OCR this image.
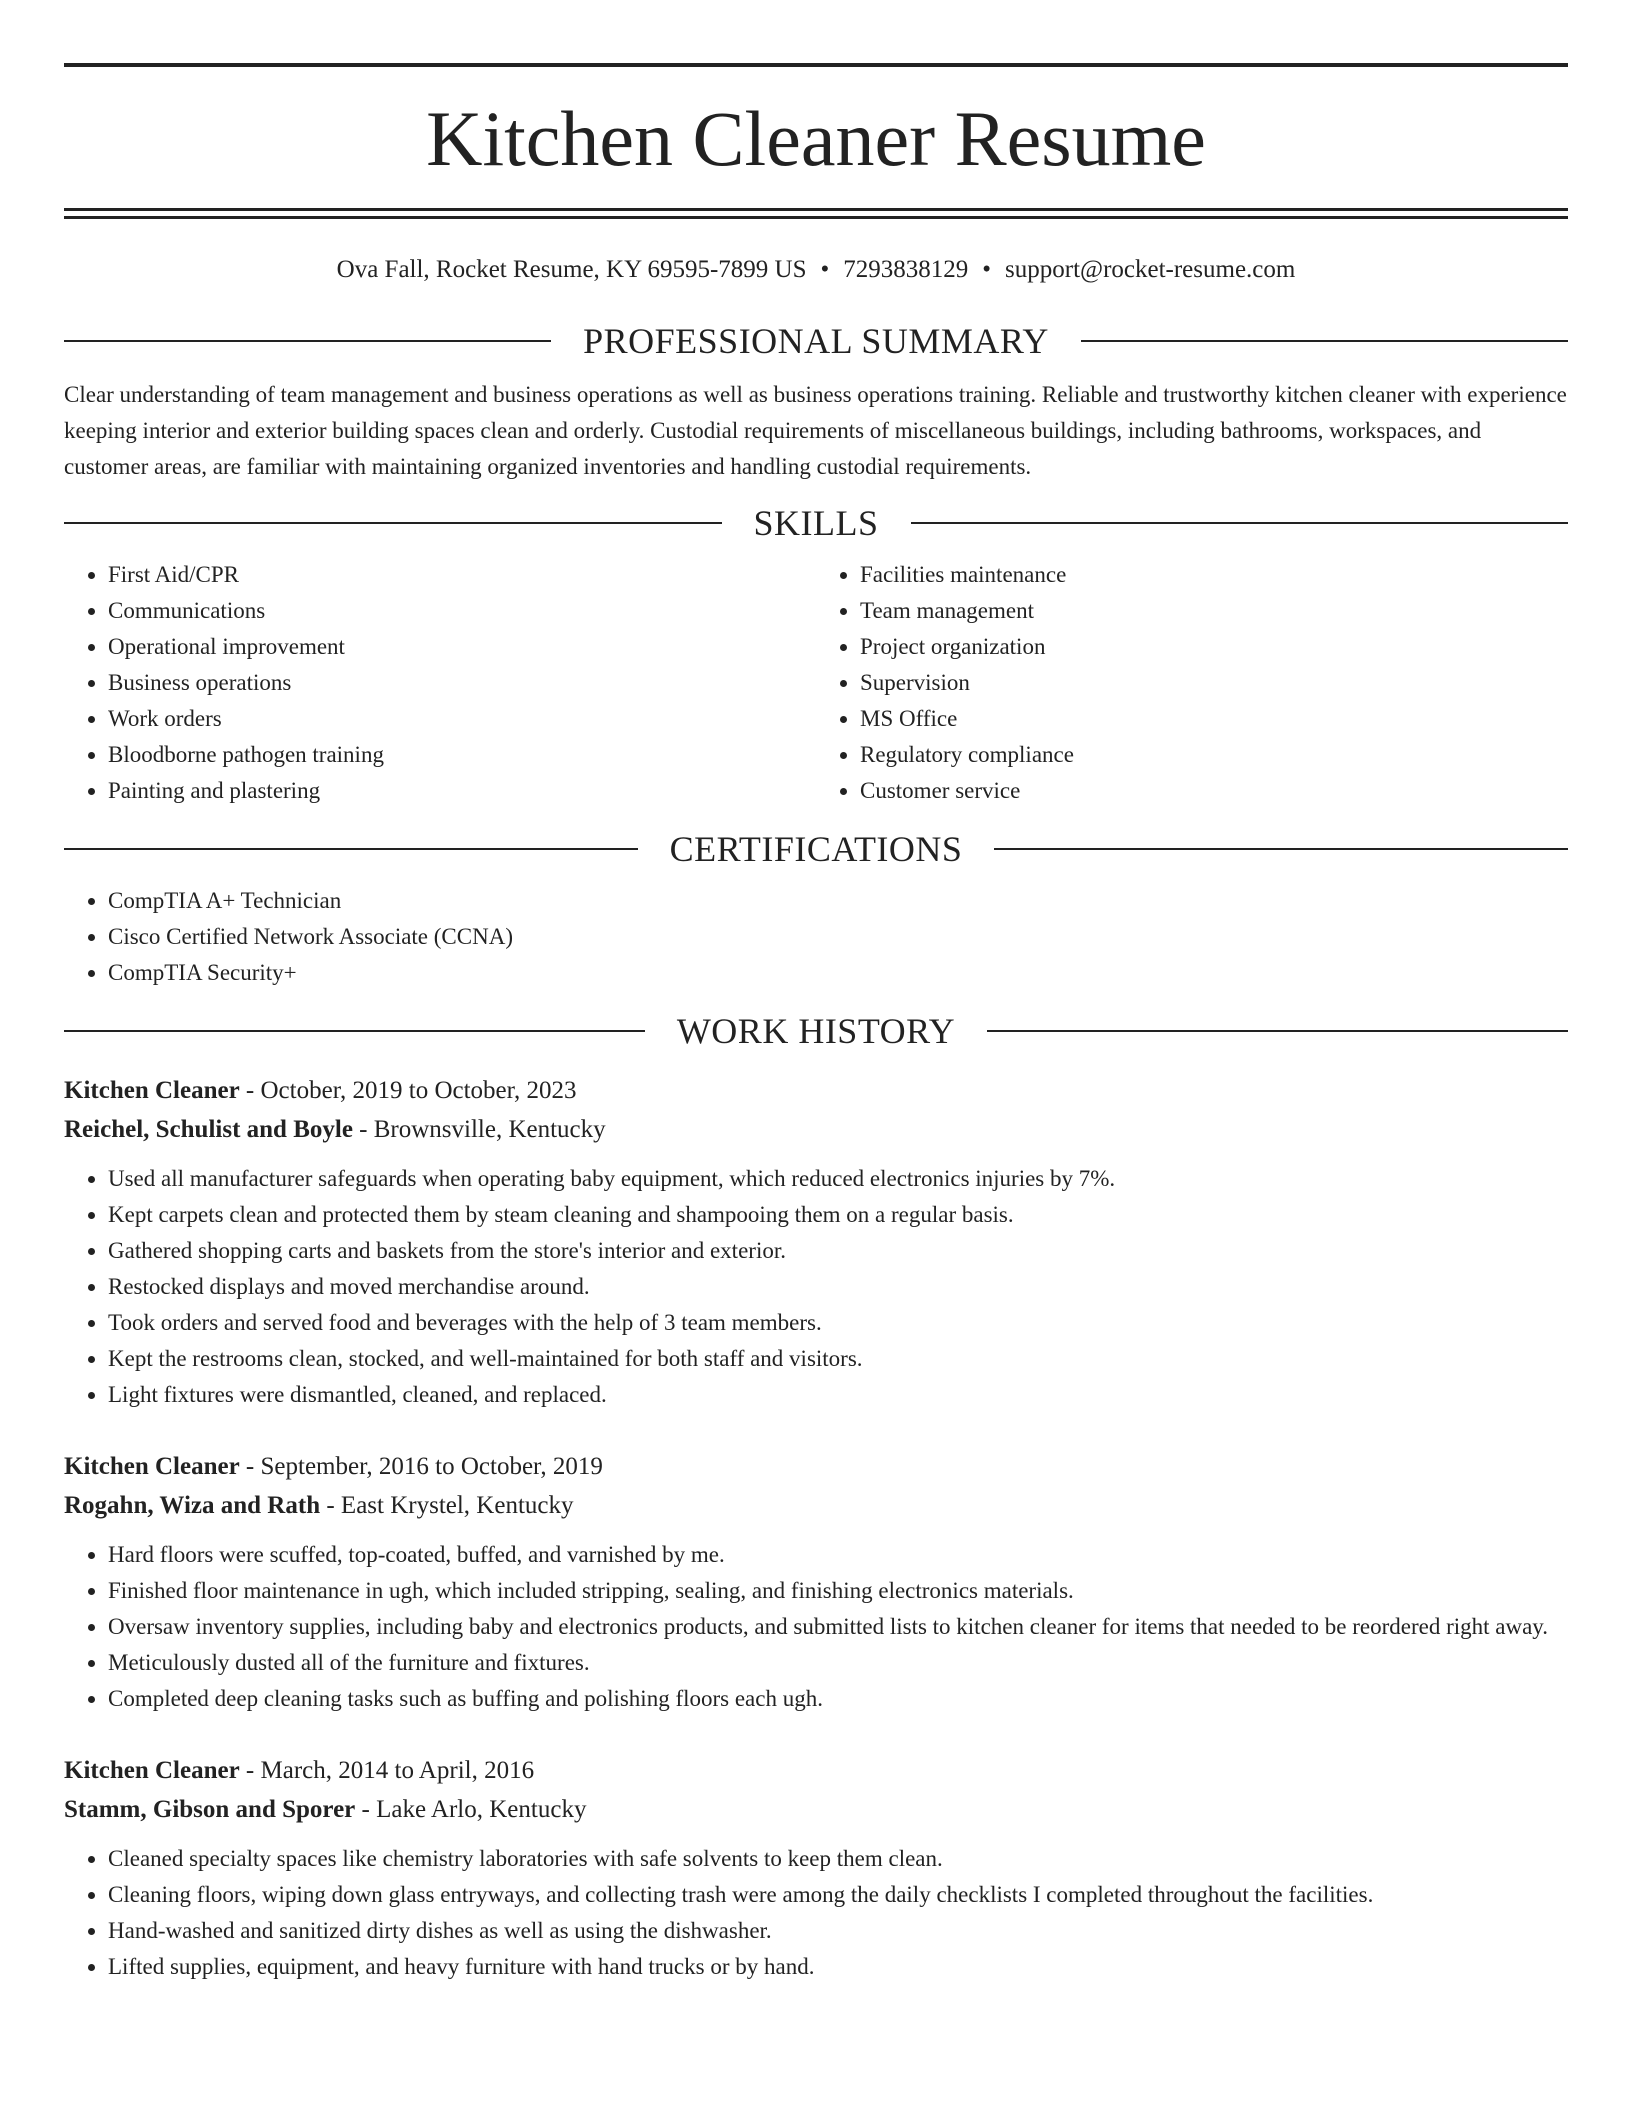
Kitchen Cleaner Resume
Ova Fall, Rocket Resume, KY 69595-7899 US • 7293838129 • support@rocket-resume.com
PROFESSIONAL SUMMARY

Clear understanding of team management and business operations as well as business operations training. Reliable and trustworthy kitchen cleaner with experience keeping interior and exterior building spaces clean and orderly. Custodial requirements of miscellaneous buildings, including bathrooms, workspaces, and customer areas, are familiar with maintaining organized inventories and handling custodial requirements.

SKILLS
• First Aid/CPR
• Communications
• Operational improvement
• Business operations
• Work orders
• Bloodborne pathogen training
• Painting and plastering
• Facilities maintenance
• Team management
• Project organization
• Supervision
• MS Office
• Regulatory compliance
• Customer service
CERTIFICATIONS
• CompTIA A+ Technician
• Cisco Certified Network Associate (CCNA)
• CompTIA Security+
WORK HISTORY
Kitchen Cleaner - October, 2019 to October, 2023
Reichel, Schulist and Boyle - Brownsville, Kentucky
• Used all manufacturer safeguards when operating baby equipment, which reduced electronics injuries by 7%.
• Kept carpets clean and protected them by steam cleaning and shampooing them on a regular basis.
• Gathered shopping carts and baskets from the store's interior and exterior.
• Restocked displays and moved merchandise around.
• Took orders and served food and beverages with the help of 3 team members.
• Kept the restrooms clean, stocked, and well-maintained for both staff and visitors.
• Light fixtures were dismantled, cleaned, and replaced.
Kitchen Cleaner - September, 2016 to October, 2019
Rogahn, Wiza and Rath - East Krystel, Kentucky
• Hard floors were scuffed, top-coated, buffed, and varnished by me.
• Finished floor maintenance in ugh, which included stripping, sealing, and finishing electronics materials.
• Oversaw inventory supplies, including baby and electronics products, and submitted lists to kitchen cleaner for items that needed to be reordered right away.
• Meticulously dusted all of the furniture and fixtures.
• Completed deep cleaning tasks such as buffing and polishing floors each ugh.
Kitchen Cleaner - March, 2014 to April, 2016
Stamm, Gibson and Sporer - Lake Arlo, Kentucky
• Cleaned specialty spaces like chemistry laboratories with safe solvents to keep them clean.
• Cleaning floors, wiping down glass entryways, and collecting trash were among the daily checklists I completed throughout the facilities.
• Hand-washed and sanitized dirty dishes as well as using the dishwasher.
• Lifted supplies, equipment, and heavy furniture with hand trucks or by hand.
